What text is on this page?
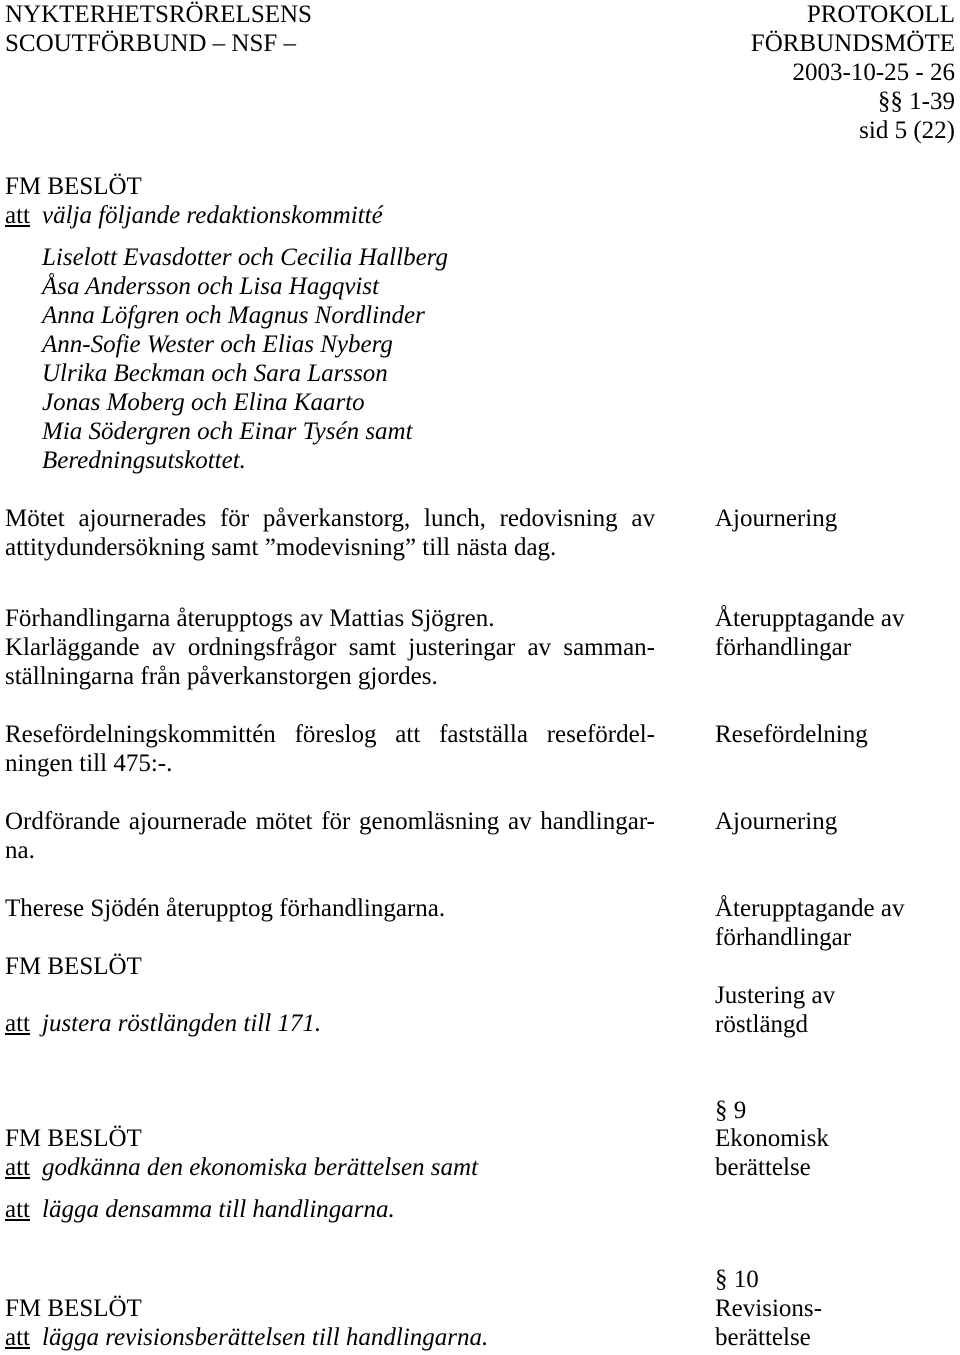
NYKTERHETSRÖRELSENS
SCOUTFÖRBUND – NSF –
PROTOKOLL
FÖRBUNDSMÖTE
2003-10-25 - 26
§§ 1-39
sid 5 (22)
FM BESLÖT
att välja följande redaktionskommitté
Liselott Evasdotter och Cecilia Hallberg
Åsa Andersson och Lisa Hagqvist
Anna Löfgren och Magnus Nordlinder
Ann-Sofie Wester och Elias Nyberg
Ulrika Beckman och Sara Larsson
Jonas Moberg och Elina Kaarto
Mia Södergren och Einar Tysén samt
Beredningsutskottet.
Mötet ajournerades för påverkanstorg, lunch, redovisning av
attitydundersökning samt ”modevisning” till nästa dag.
Ajournering
Förhandlingarna återupptogs av Mattias Sjögren.
Klarläggande av ordningsfrågor samt justeringar av samman-
ställningarna från påverkanstorgen gjordes.
Återupptagande av
förhandlingar
Resefördelningskommittén föreslog att fastställa resefördel-
ningen till 475:-.
Resefördelning
Ordförande ajournerade mötet för genomläsning av handlingar-
na.
Ajournering
Therese Sjödén återupptog förhandlingarna.	Återupptagande av
förhandlingar
FM BESLÖT
att justera röstlängden till 171.
Justering av
röstlängd
§ 9
Ekonomisk
berättelse
FM BESLÖT
att godkänna den ekonomiska berättelsen samt
att lägga densamma till handlingarna.
§ 10
Revisions-
berättelse
FM BESLÖT
att lägga revisionsberättelsen till handlingarna.
